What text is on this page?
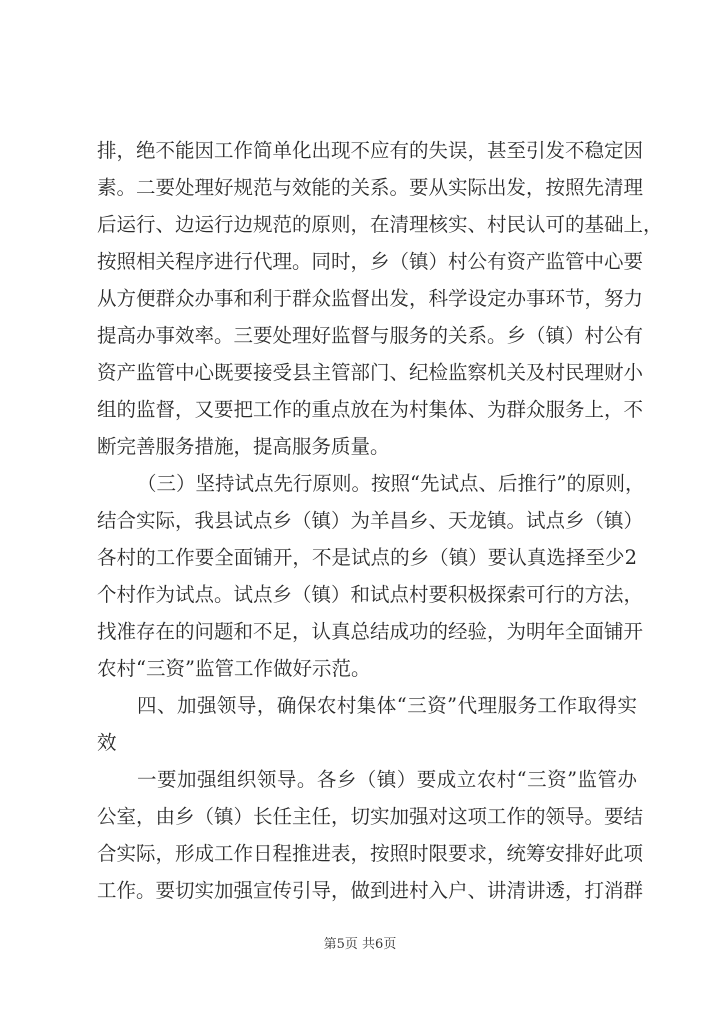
排，绝不能因工作简单化出现不应有的失误，甚至引发不稳定因
素。二要处理好规范与效能的关系。要从实际出发，按照先清理
后运行、边运行边规范的原则，在清理核实、村民认可的基础上，
按照相关程序进行代理。同时，乡（镇）村公有资产监管中心要
从方便群众办事和利于群众监督出发，科学设定办事环节，努力
提高办事效率。三要处理好监督与服务的关系。乡（镇）村公有
资产监管中心既要接受县主管部门、纪检监察机关及村民理财小
组的监督，又要把工作的重点放在为村集体、为群众服务上，不
断完善服务措施，提高服务质量。
（三）坚持试点先行原则。按照“先试点、后推行”的原则，
结合实际，我县试点乡（镇）为羊昌乡、天龙镇。试点乡（镇）
各村的工作要全面铺开，不是试点的乡（镇）要认真选择至少2
个村作为试点。试点乡（镇）和试点村要积极探索可行的方法，
找准存在的问题和不足，认真总结成功的经验，为明年全面铺开
农村“三资”监管工作做好示范。
四、加强领导，确保农村集体“三资”代理服务工作取得实
效
一要加强组织领导。各乡（镇）要成立农村“三资”监管办
公室，由乡（镇）长任主任，切实加强对这项工作的领导。要结
合实际，形成工作日程推进表，按照时限要求，统筹安排好此项
工作。要切实加强宣传引导，做到进村入户、讲清讲透，打消群
第5页 共6页
